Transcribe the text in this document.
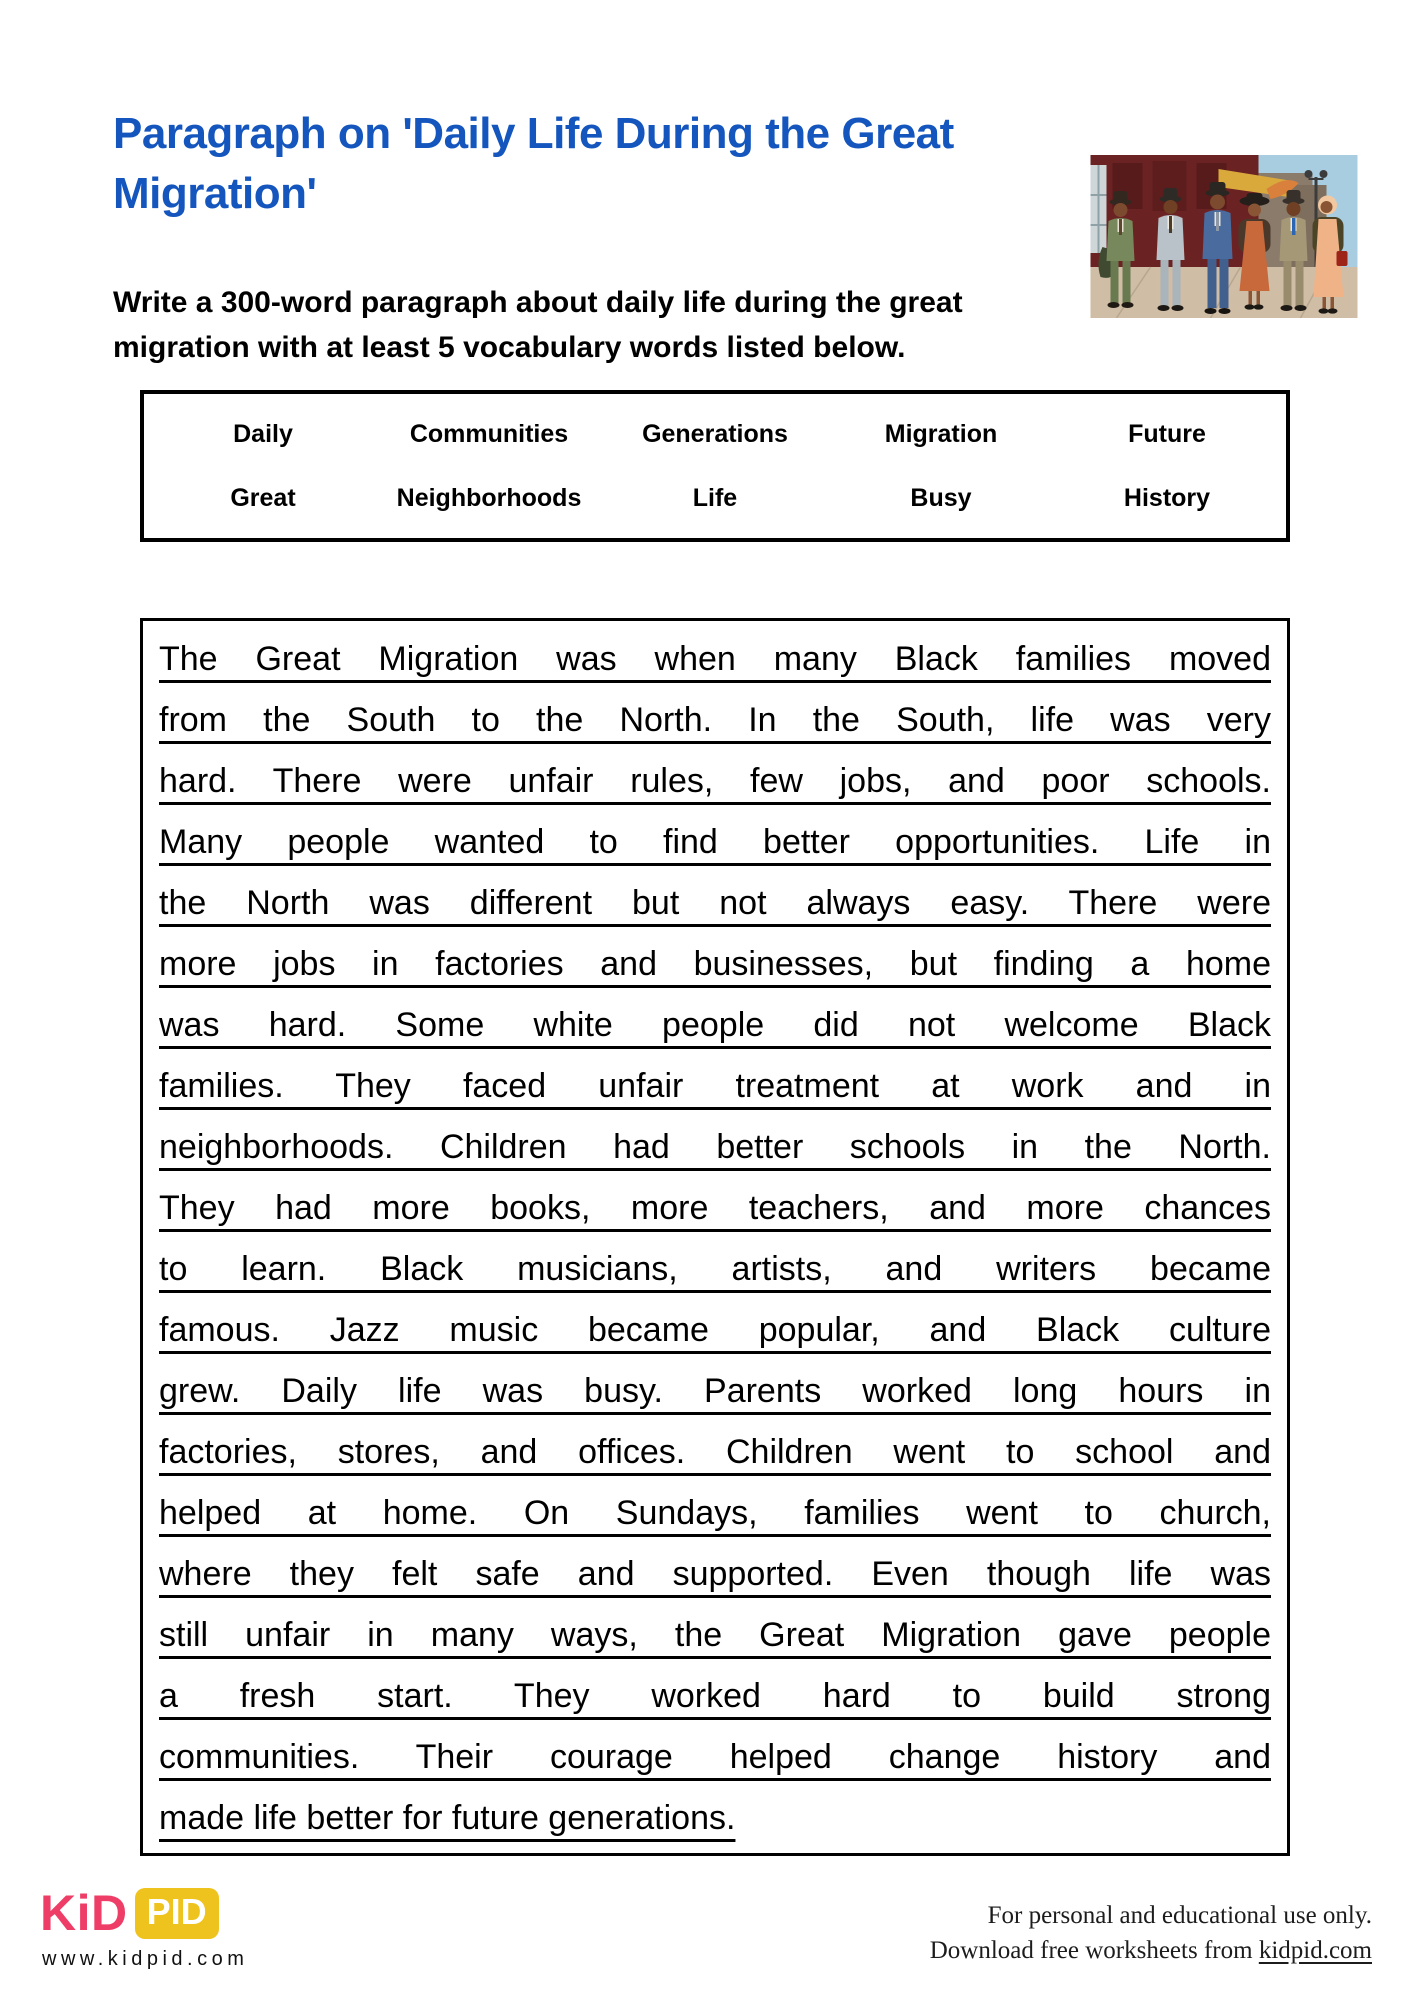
Paragraph on 'Daily Life During the Great
Migration'
Write a 300-word paragraph about daily life during the great
migration with at least 5 vocabulary words listed below.
Daily	Communities	Generations	Migration	Future
Great	Neighborhoods	Life	Busy	History
The Great Migration was when many Black families moved
from the South to the North. In the South, life was very
hard. There were unfair rules, few jobs, and poor schools.
Many people wanted to find better opportunities. Life in
the North was different but not always easy. There were
more jobs in factories and businesses, but finding a home
was hard. Some white people did not welcome Black
families. They faced unfair treatment at work and in
neighborhoods. Children had better schools in the North.
They had more books, more teachers, and more chances
to learn. Black musicians, artists, and writers became
famous. Jazz music became popular, and Black culture
grew. Daily life was busy. Parents worked long hours in
factories, stores, and offices. Children went to school and
helped at home. On Sundays, families went to church,
where they felt safe and supported. Even though life was
still unfair in many ways, the Great Migration gave people
a fresh start. They worked hard to build strong
communities. Their courage helped change history and
made life better for future generations.
KiD PID
www.kidpid.com
For personal and educational use only.
Download free worksheets from kidpid.com
